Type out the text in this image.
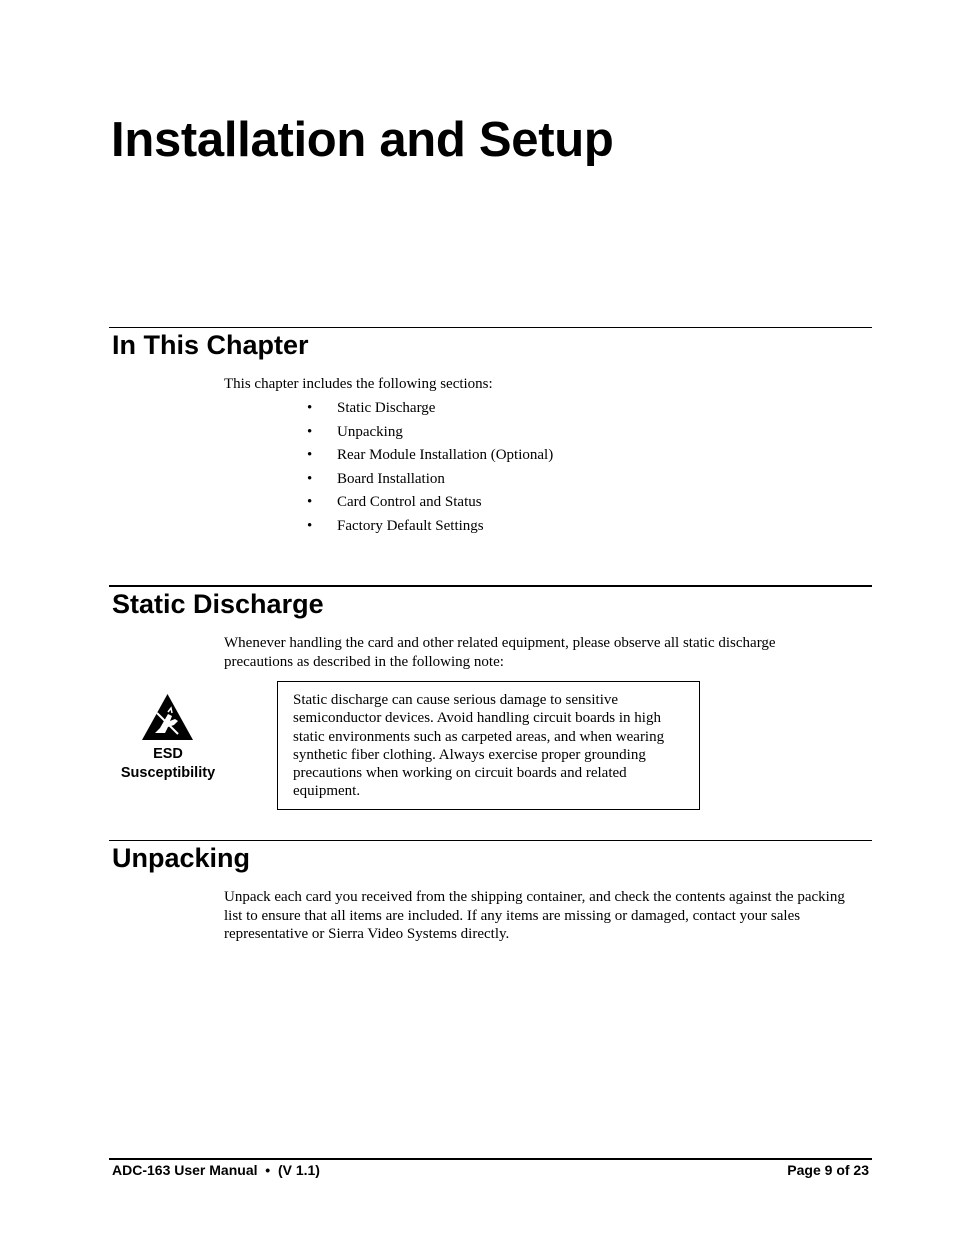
Installation and Setup
In This Chapter

This chapter includes the following sections:

• Static Discharge
• Unpacking
• Rear Module Installation (Optional)
• Board Installation
• Card Control and Status
• Factory Default Settings
Static Discharge

Whenever handling the card and other related equipment, please observe all static discharge
precautions as described in the following note:

ESD
Susceptibility
Static discharge can cause serious damage to sensitive
semiconductor devices. Avoid handling circuit boards in high
static environments such as carpeted areas, and when wearing
synthetic fiber clothing. Always exercise proper grounding
precautions when working on circuit boards and related
equipment.
Unpacking

Unpack each card you received from the shipping container, and check the contents against the packing
list to ensure that all items are included. If any items are missing or damaged, contact your sales
representative or Sierra Video Systems directly.

ADC-163 User Manual  •  (V 1.1)	Page 9 of 23
